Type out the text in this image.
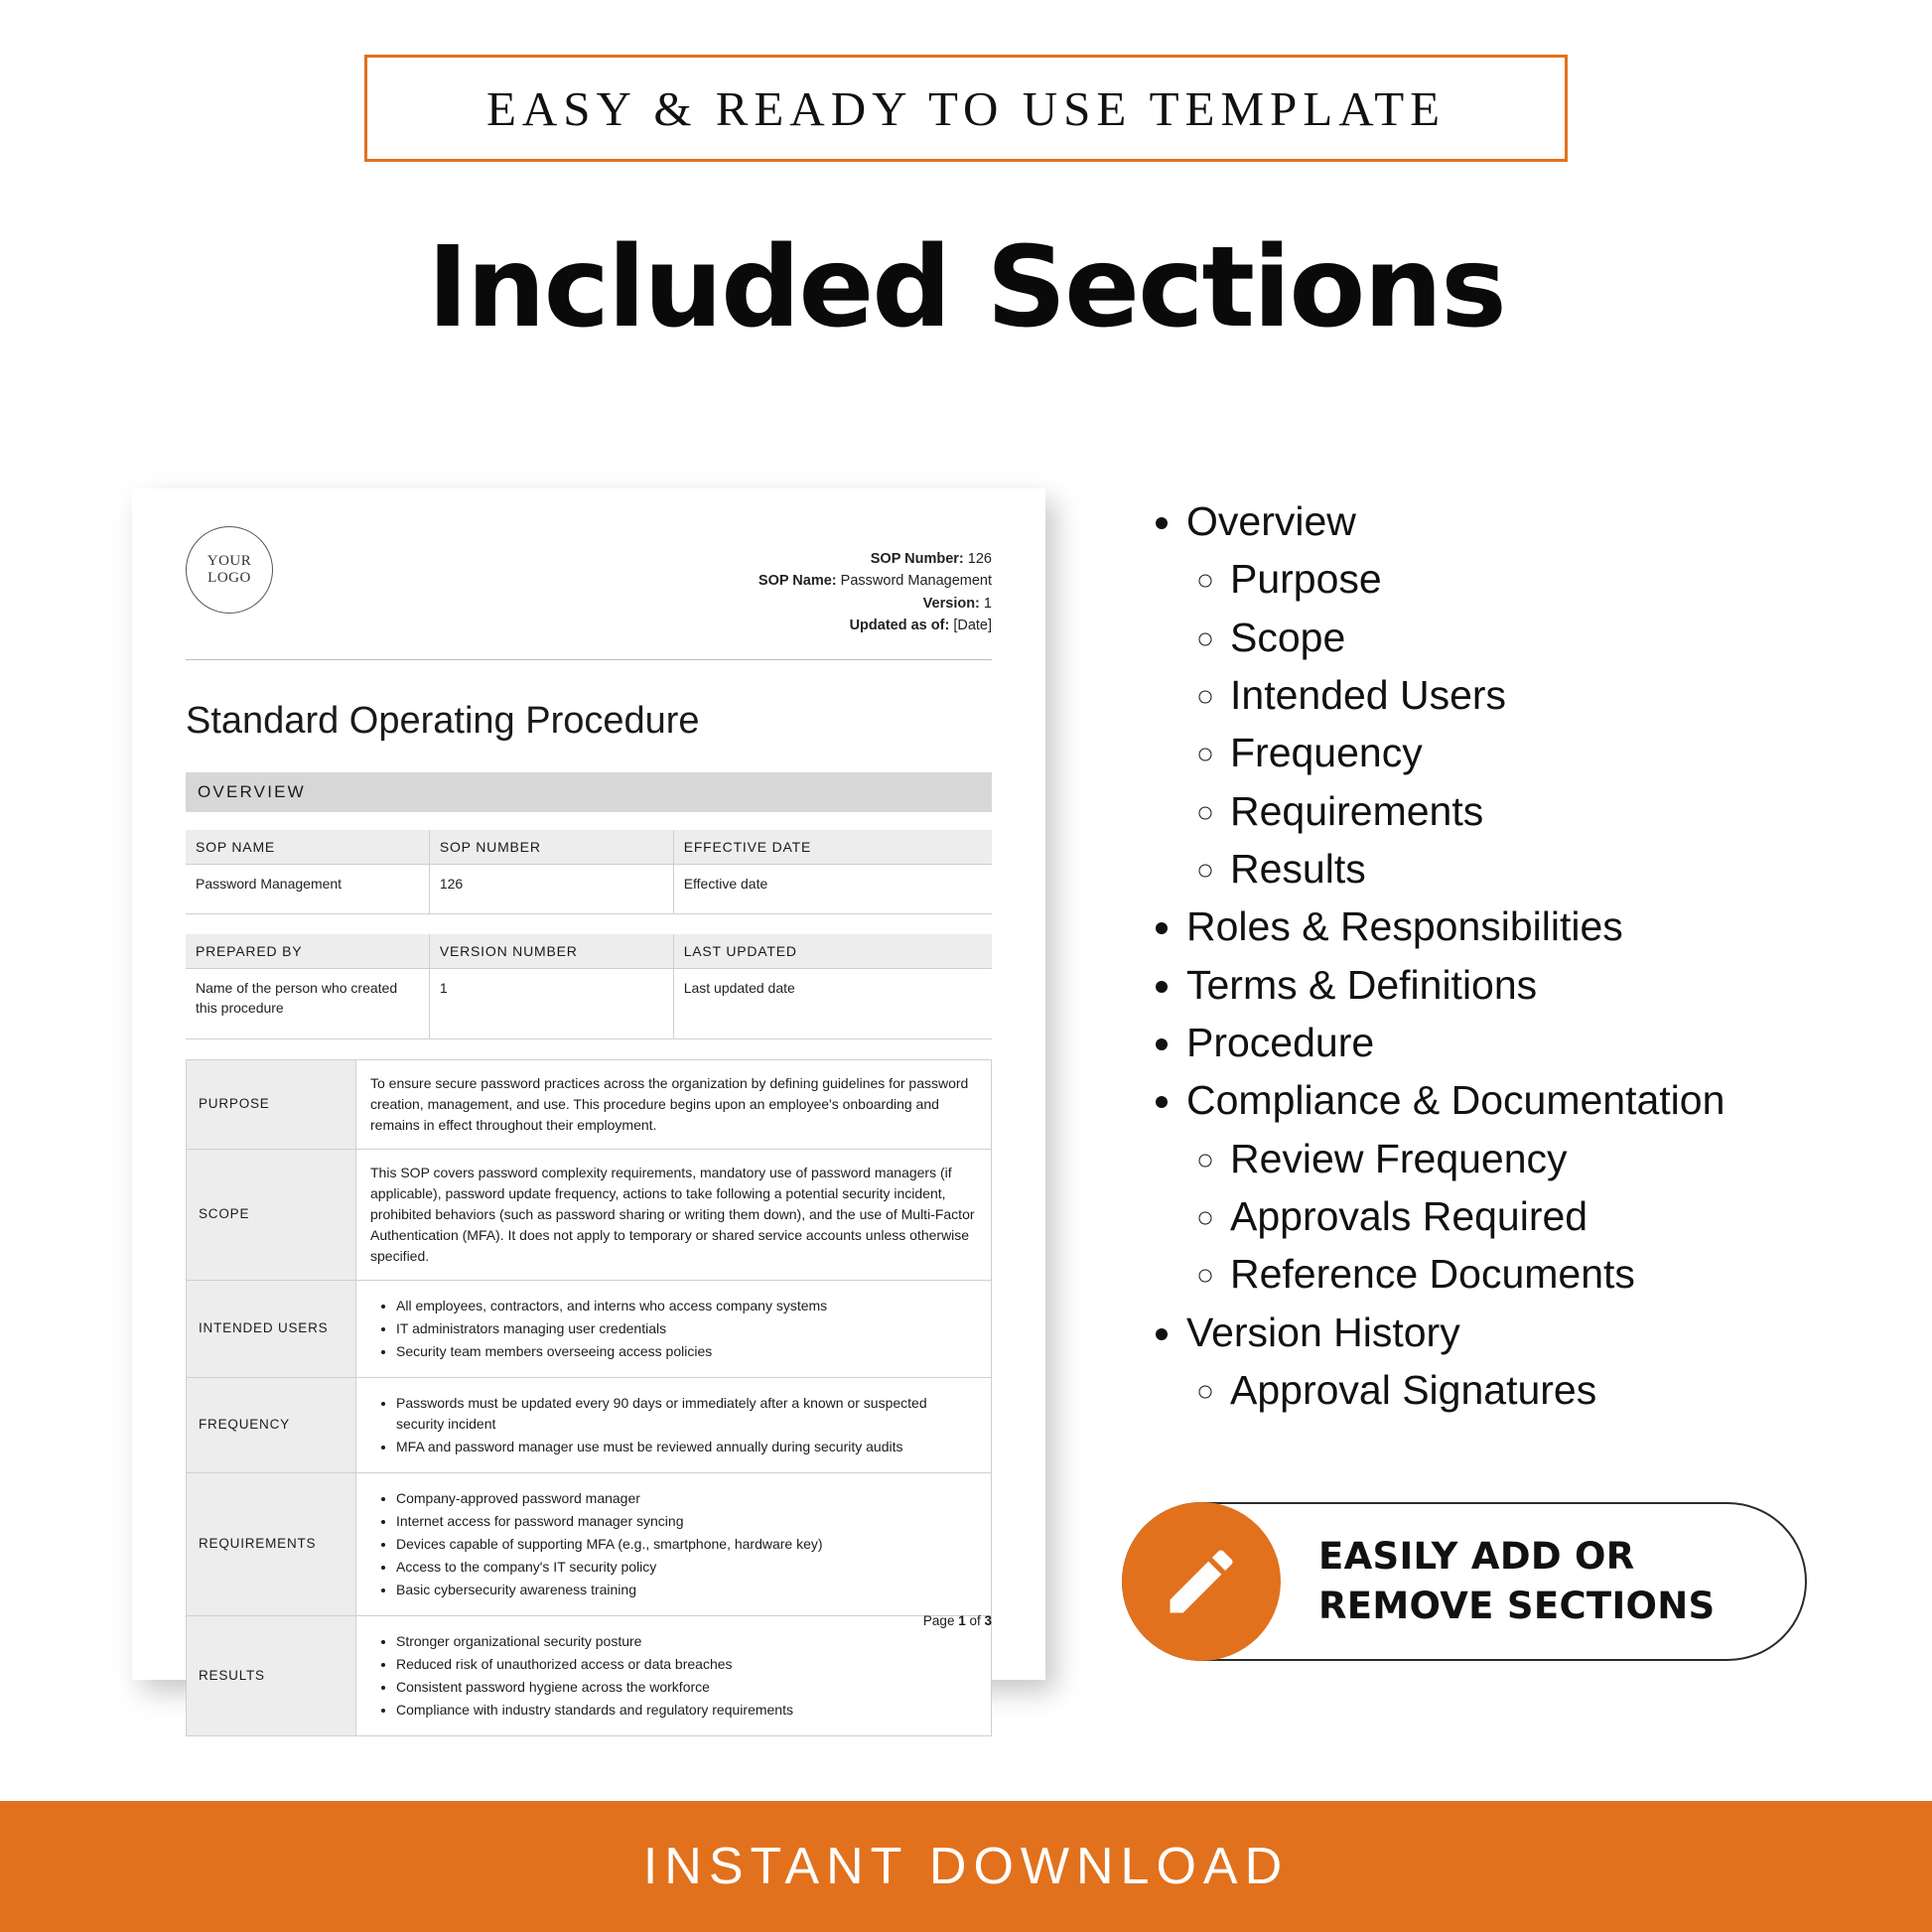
EASY & READY TO USE TEMPLATE
Included Sections
YOUR
LOGO
SOP Number: 126
SOP Name: Password Management
Version: 1
Updated as of: [Date]
Standard Operating Procedure
OVERVIEW
SOP NAME	SOP NUMBER	EFFECTIVE DATE
Password Management	126	Effective date
PREPARED BY	VERSION NUMBER	LAST UPDATED
Name of the person who created this procedure	1	Last updated date
PURPOSE	To ensure secure password practices across the organization by defining guidelines for password creation, management, and use. This procedure begins upon an employee's onboarding and remains in effect throughout their employment.
SCOPE	This SOP covers password complexity requirements, mandatory use of password managers (if applicable), password update frequency, actions to take following a potential security incident, prohibited behaviors (such as password sharing or writing them down), and the use of Multi-Factor Authentication (MFA). It does not apply to temporary or shared service accounts unless otherwise specified.
INTENDED USERS	
• All employees, contractors, and interns who access company systems
• IT administrators managing user credentials
• Security team members overseeing access policies

FREQUENCY	
• Passwords must be updated every 90 days or immediately after a known or suspected security incident
• MFA and password manager use must be reviewed annually during security audits

REQUIREMENTS	
• Company-approved password manager
• Internet access for password manager syncing
• Devices capable of supporting MFA (e.g., smartphone, hardware key)
• Access to the company's IT security policy
• Basic cybersecurity awareness training

RESULTS	
• Stronger organizational security posture
• Reduced risk of unauthorized access or data breaches
• Consistent password hygiene across the workforce
• Compliance with industry standards and regulatory requirements
Page 1 of 3
• Overview
◦ Purpose
◦ Scope
◦ Intended Users
◦ Frequency
◦ Requirements
◦ Results
• Roles & Responsibilities
• Terms & Definitions
• Procedure
• Compliance & Documentation
◦ Review Frequency
◦ Approvals Required
◦ Reference Documents
• Version History
◦ Approval Signatures
EASILY ADD OR
REMOVE SECTIONS
INSTANT DOWNLOAD
